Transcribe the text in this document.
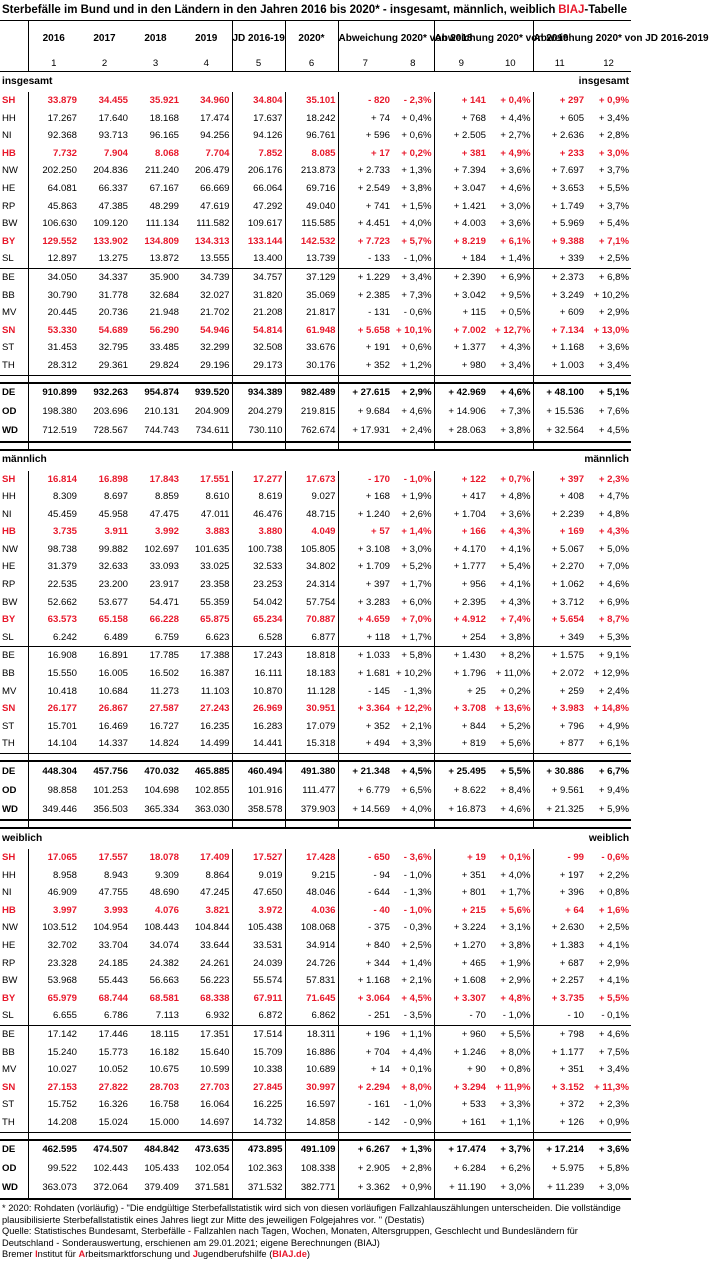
Sterbefälle im Bund und in den Ländern in den Jahren 2016 bis 2020* - insgesamt, männlich, weiblich BIAJ-Tabelle
	2016	2017	2018	2019	JD 2016-19	2020*	Abweichung 2020* von 2018		Abweichung 2020* von 2019		Abweichung 2020* von JD 2016-2019	
	1	2	3	4	5	6	7	8	9	10	11	12
insgesamt						insgesamt						
SH	33.879	34.455	35.921	34.960	34.804	35.101	- 820	- 2,3%	+ 141	+ 0,4%	+ 297	+ 0,9%
HH	17.267	17.640	18.168	17.474	17.637	18.242	+ 74	+ 0,4%	+ 768	+ 4,4%	+ 605	+ 3,4%
NI	92.368	93.713	96.165	94.256	94.126	96.761	+ 596	+ 0,6%	+ 2.505	+ 2,7%	+ 2.636	+ 2,8%
HB	7.732	7.904	8.068	7.704	7.852	8.085	+ 17	+ 0,2%	+ 381	+ 4,9%	+ 233	+ 3,0%
NW	202.250	204.836	211.240	206.479	206.176	213.873	+ 2.733	+ 1,3%	+ 7.394	+ 3,6%	+ 7.697	+ 3,7%
HE	64.081	66.337	67.167	66.669	66.064	69.716	+ 2.549	+ 3,8%	+ 3.047	+ 4,6%	+ 3.653	+ 5,5%
RP	45.863	47.385	48.299	47.619	47.292	49.040	+ 741	+ 1,5%	+ 1.421	+ 3,0%	+ 1.749	+ 3,7%
BW	106.630	109.120	111.134	111.582	109.617	115.585	+ 4.451	+ 4,0%	+ 4.003	+ 3,6%	+ 5.969	+ 5,4%
BY	129.552	133.902	134.809	134.313	133.144	142.532	+ 7.723	+ 5,7%	+ 8.219	+ 6,1%	+ 9.388	+ 7,1%
SL	12.897	13.275	13.872	13.555	13.400	13.739	- 133	- 1,0%	+ 184	+ 1,4%	+ 339	+ 2,5%
BE	34.050	34.337	35.900	34.739	34.757	37.129	+ 1.229	+ 3,4%	+ 2.390	+ 6,9%	+ 2.373	+ 6,8%
BB	30.790	31.778	32.684	32.027	31.820	35.069	+ 2.385	+ 7,3%	+ 3.042	+ 9,5%	+ 3.249	+ 10,2%
MV	20.445	20.736	21.948	21.702	21.208	21.817	- 131	- 0,6%	+ 115	+ 0,5%	+ 609	+ 2,9%
SN	53.330	54.689	56.290	54.946	54.814	61.948	+ 5.658	+ 10,1%	+ 7.002	+ 12,7%	+ 7.134	+ 13,0%
ST	31.453	32.795	33.485	32.299	32.508	33.676	+ 191	+ 0,6%	+ 1.377	+ 4,3%	+ 1.168	+ 3,6%
TH	28.312	29.361	29.824	29.196	29.173	30.176	+ 352	+ 1,2%	+ 980	+ 3,4%	+ 1.003	+ 3,4%

DE	910.899	932.263	954.874	939.520	934.389	982.489	+ 27.615	+ 2,9%	+ 42.969	+ 4,6%	+ 48.100	+ 5,1%
OD	198.380	203.696	210.131	204.909	204.279	219.815	+ 9.684	+ 4,6%	+ 14.906	+ 7,3%	+ 15.536	+ 7,6%
WD	712.519	728.567	744.743	734.611	730.110	762.674	+ 17.931	+ 2,4%	+ 28.063	+ 3,8%	+ 32.564	+ 4,5%

männlich						männlich						
SH	16.814	16.898	17.843	17.551	17.277	17.673	- 170	- 1,0%	+ 122	+ 0,7%	+ 397	+ 2,3%
HH	8.309	8.697	8.859	8.610	8.619	9.027	+ 168	+ 1,9%	+ 417	+ 4,8%	+ 408	+ 4,7%
NI	45.459	45.958	47.475	47.011	46.476	48.715	+ 1.240	+ 2,6%	+ 1.704	+ 3,6%	+ 2.239	+ 4,8%
HB	3.735	3.911	3.992	3.883	3.880	4.049	+ 57	+ 1,4%	+ 166	+ 4,3%	+ 169	+ 4,3%
NW	98.738	99.882	102.697	101.635	100.738	105.805	+ 3.108	+ 3,0%	+ 4.170	+ 4,1%	+ 5.067	+ 5,0%
HE	31.379	32.633	33.093	33.025	32.533	34.802	+ 1.709	+ 5,2%	+ 1.777	+ 5,4%	+ 2.270	+ 7,0%
RP	22.535	23.200	23.917	23.358	23.253	24.314	+ 397	+ 1,7%	+ 956	+ 4,1%	+ 1.062	+ 4,6%
BW	52.662	53.677	54.471	55.359	54.042	57.754	+ 3.283	+ 6,0%	+ 2.395	+ 4,3%	+ 3.712	+ 6,9%
BY	63.573	65.158	66.228	65.875	65.234	70.887	+ 4.659	+ 7,0%	+ 4.912	+ 7,4%	+ 5.654	+ 8,7%
SL	6.242	6.489	6.759	6.623	6.528	6.877	+ 118	+ 1,7%	+ 254	+ 3,8%	+ 349	+ 5,3%
BE	16.908	16.891	17.785	17.388	17.243	18.818	+ 1.033	+ 5,8%	+ 1.430	+ 8,2%	+ 1.575	+ 9,1%
BB	15.550	16.005	16.502	16.387	16.111	18.183	+ 1.681	+ 10,2%	+ 1.796	+ 11,0%	+ 2.072	+ 12,9%
MV	10.418	10.684	11.273	11.103	10.870	11.128	- 145	- 1,3%	+ 25	+ 0,2%	+ 259	+ 2,4%
SN	26.177	26.867	27.587	27.243	26.969	30.951	+ 3.364	+ 12,2%	+ 3.708	+ 13,6%	+ 3.983	+ 14,8%
ST	15.701	16.469	16.727	16.235	16.283	17.079	+ 352	+ 2,1%	+ 844	+ 5,2%	+ 796	+ 4,9%
TH	14.104	14.337	14.824	14.499	14.441	15.318	+ 494	+ 3,3%	+ 819	+ 5,6%	+ 877	+ 6,1%

DE	448.304	457.756	470.032	465.885	460.494	491.380	+ 21.348	+ 4,5%	+ 25.495	+ 5,5%	+ 30.886	+ 6,7%
OD	98.858	101.253	104.698	102.855	101.916	111.477	+ 6.779	+ 6,5%	+ 8.622	+ 8,4%	+ 9.561	+ 9,4%
WD	349.446	356.503	365.334	363.030	358.578	379.903	+ 14.569	+ 4,0%	+ 16.873	+ 4,6%	+ 21.325	+ 5,9%

weiblich						weiblich						
SH	17.065	17.557	18.078	17.409	17.527	17.428	- 650	- 3,6%	+ 19	+ 0,1%	- 99	- 0,6%
HH	8.958	8.943	9.309	8.864	9.019	9.215	- 94	- 1,0%	+ 351	+ 4,0%	+ 197	+ 2,2%
NI	46.909	47.755	48.690	47.245	47.650	48.046	- 644	- 1,3%	+ 801	+ 1,7%	+ 396	+ 0,8%
HB	3.997	3.993	4.076	3.821	3.972	4.036	- 40	- 1,0%	+ 215	+ 5,6%	+ 64	+ 1,6%
NW	103.512	104.954	108.443	104.844	105.438	108.068	- 375	- 0,3%	+ 3.224	+ 3,1%	+ 2.630	+ 2,5%
HE	32.702	33.704	34.074	33.644	33.531	34.914	+ 840	+ 2,5%	+ 1.270	+ 3,8%	+ 1.383	+ 4,1%
RP	23.328	24.185	24.382	24.261	24.039	24.726	+ 344	+ 1,4%	+ 465	+ 1,9%	+ 687	+ 2,9%
BW	53.968	55.443	56.663	56.223	55.574	57.831	+ 1.168	+ 2,1%	+ 1.608	+ 2,9%	+ 2.257	+ 4,1%
BY	65.979	68.744	68.581	68.338	67.911	71.645	+ 3.064	+ 4,5%	+ 3.307	+ 4,8%	+ 3.735	+ 5,5%
SL	6.655	6.786	7.113	6.932	6.872	6.862	- 251	- 3,5%	- 70	- 1,0%	- 10	- 0,1%
BE	17.142	17.446	18.115	17.351	17.514	18.311	+ 196	+ 1,1%	+ 960	+ 5,5%	+ 798	+ 4,6%
BB	15.240	15.773	16.182	15.640	15.709	16.886	+ 704	+ 4,4%	+ 1.246	+ 8,0%	+ 1.177	+ 7,5%
MV	10.027	10.052	10.675	10.599	10.338	10.689	+ 14	+ 0,1%	+ 90	+ 0,8%	+ 351	+ 3,4%
SN	27.153	27.822	28.703	27.703	27.845	30.997	+ 2.294	+ 8,0%	+ 3.294	+ 11,9%	+ 3.152	+ 11,3%
ST	15.752	16.326	16.758	16.064	16.225	16.597	- 161	- 1,0%	+ 533	+ 3,3%	+ 372	+ 2,3%
TH	14.208	15.024	15.000	14.697	14.732	14.858	- 142	- 0,9%	+ 161	+ 1,1%	+ 126	+ 0,9%

DE	462.595	474.507	484.842	473.635	473.895	491.109	+ 6.267	+ 1,3%	+ 17.474	+ 3,7%	+ 17.214	+ 3,6%
OD	99.522	102.443	105.433	102.054	102.363	108.338	+ 2.905	+ 2,8%	+ 6.284	+ 6,2%	+ 5.975	+ 5,8%
WD	363.073	372.064	379.409	371.581	371.532	382.771	+ 3.362	+ 0,9%	+ 11.190	+ 3,0%	+ 11.239	+ 3,0%

* 2020: Rohdaten (vorläufig) - "Die endgültige Sterbefallstatistik wird sich von diesen vorläufigen Fallzahlauszählungen unterscheiden. Die vollständige plausibilisierte Sterbefallstatistik eines Jahres liegt zur Mitte des jeweiligen Folgejahres vor. " (Destatis)

Quelle: Statistisches Bundesamt, Sterbefälle - Fallzahlen nach Tagen, Wochen, Monaten, Altersgruppen, Geschlecht und Bundesländern für Deutschland - Sonderauswertung, erschienen am 29.01.2021; eigene Berechnungen (BIAJ)

Bremer Institut für Arbeitsmarktforschung und Jugendberufshilfe (BIAJ.de)
